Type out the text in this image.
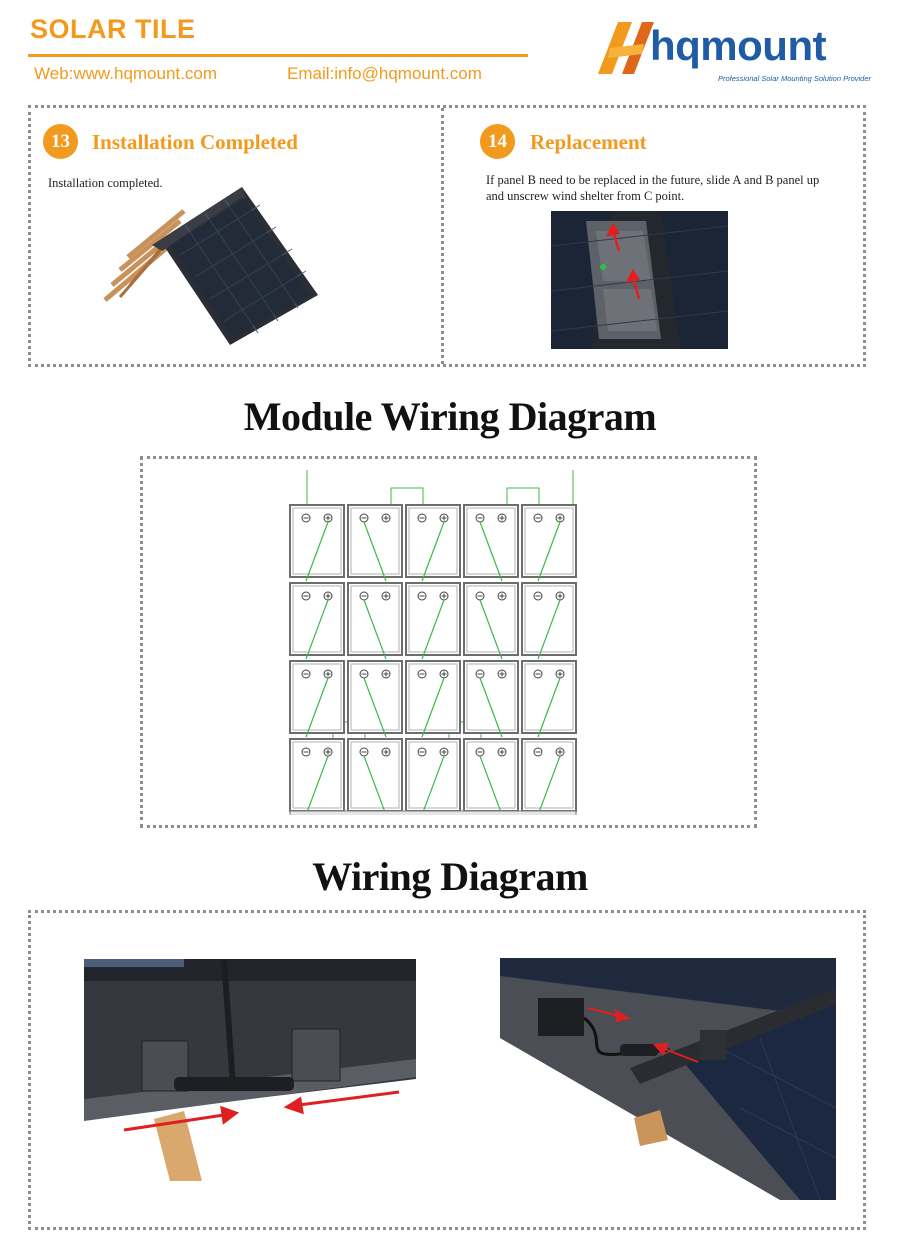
SOLAR TILE
Web:www.hqmount.com	Email:info@hqmount.com
hqmount
Professional Solar Mounting Solution Provider
13	Installation Completed
Installation completed.
14	Replacement
If panel B need to be replaced in the future, slide A and B panel up
and unscrew wind shelter from C point.
Module Wiring Diagram
Wiring Diagram
